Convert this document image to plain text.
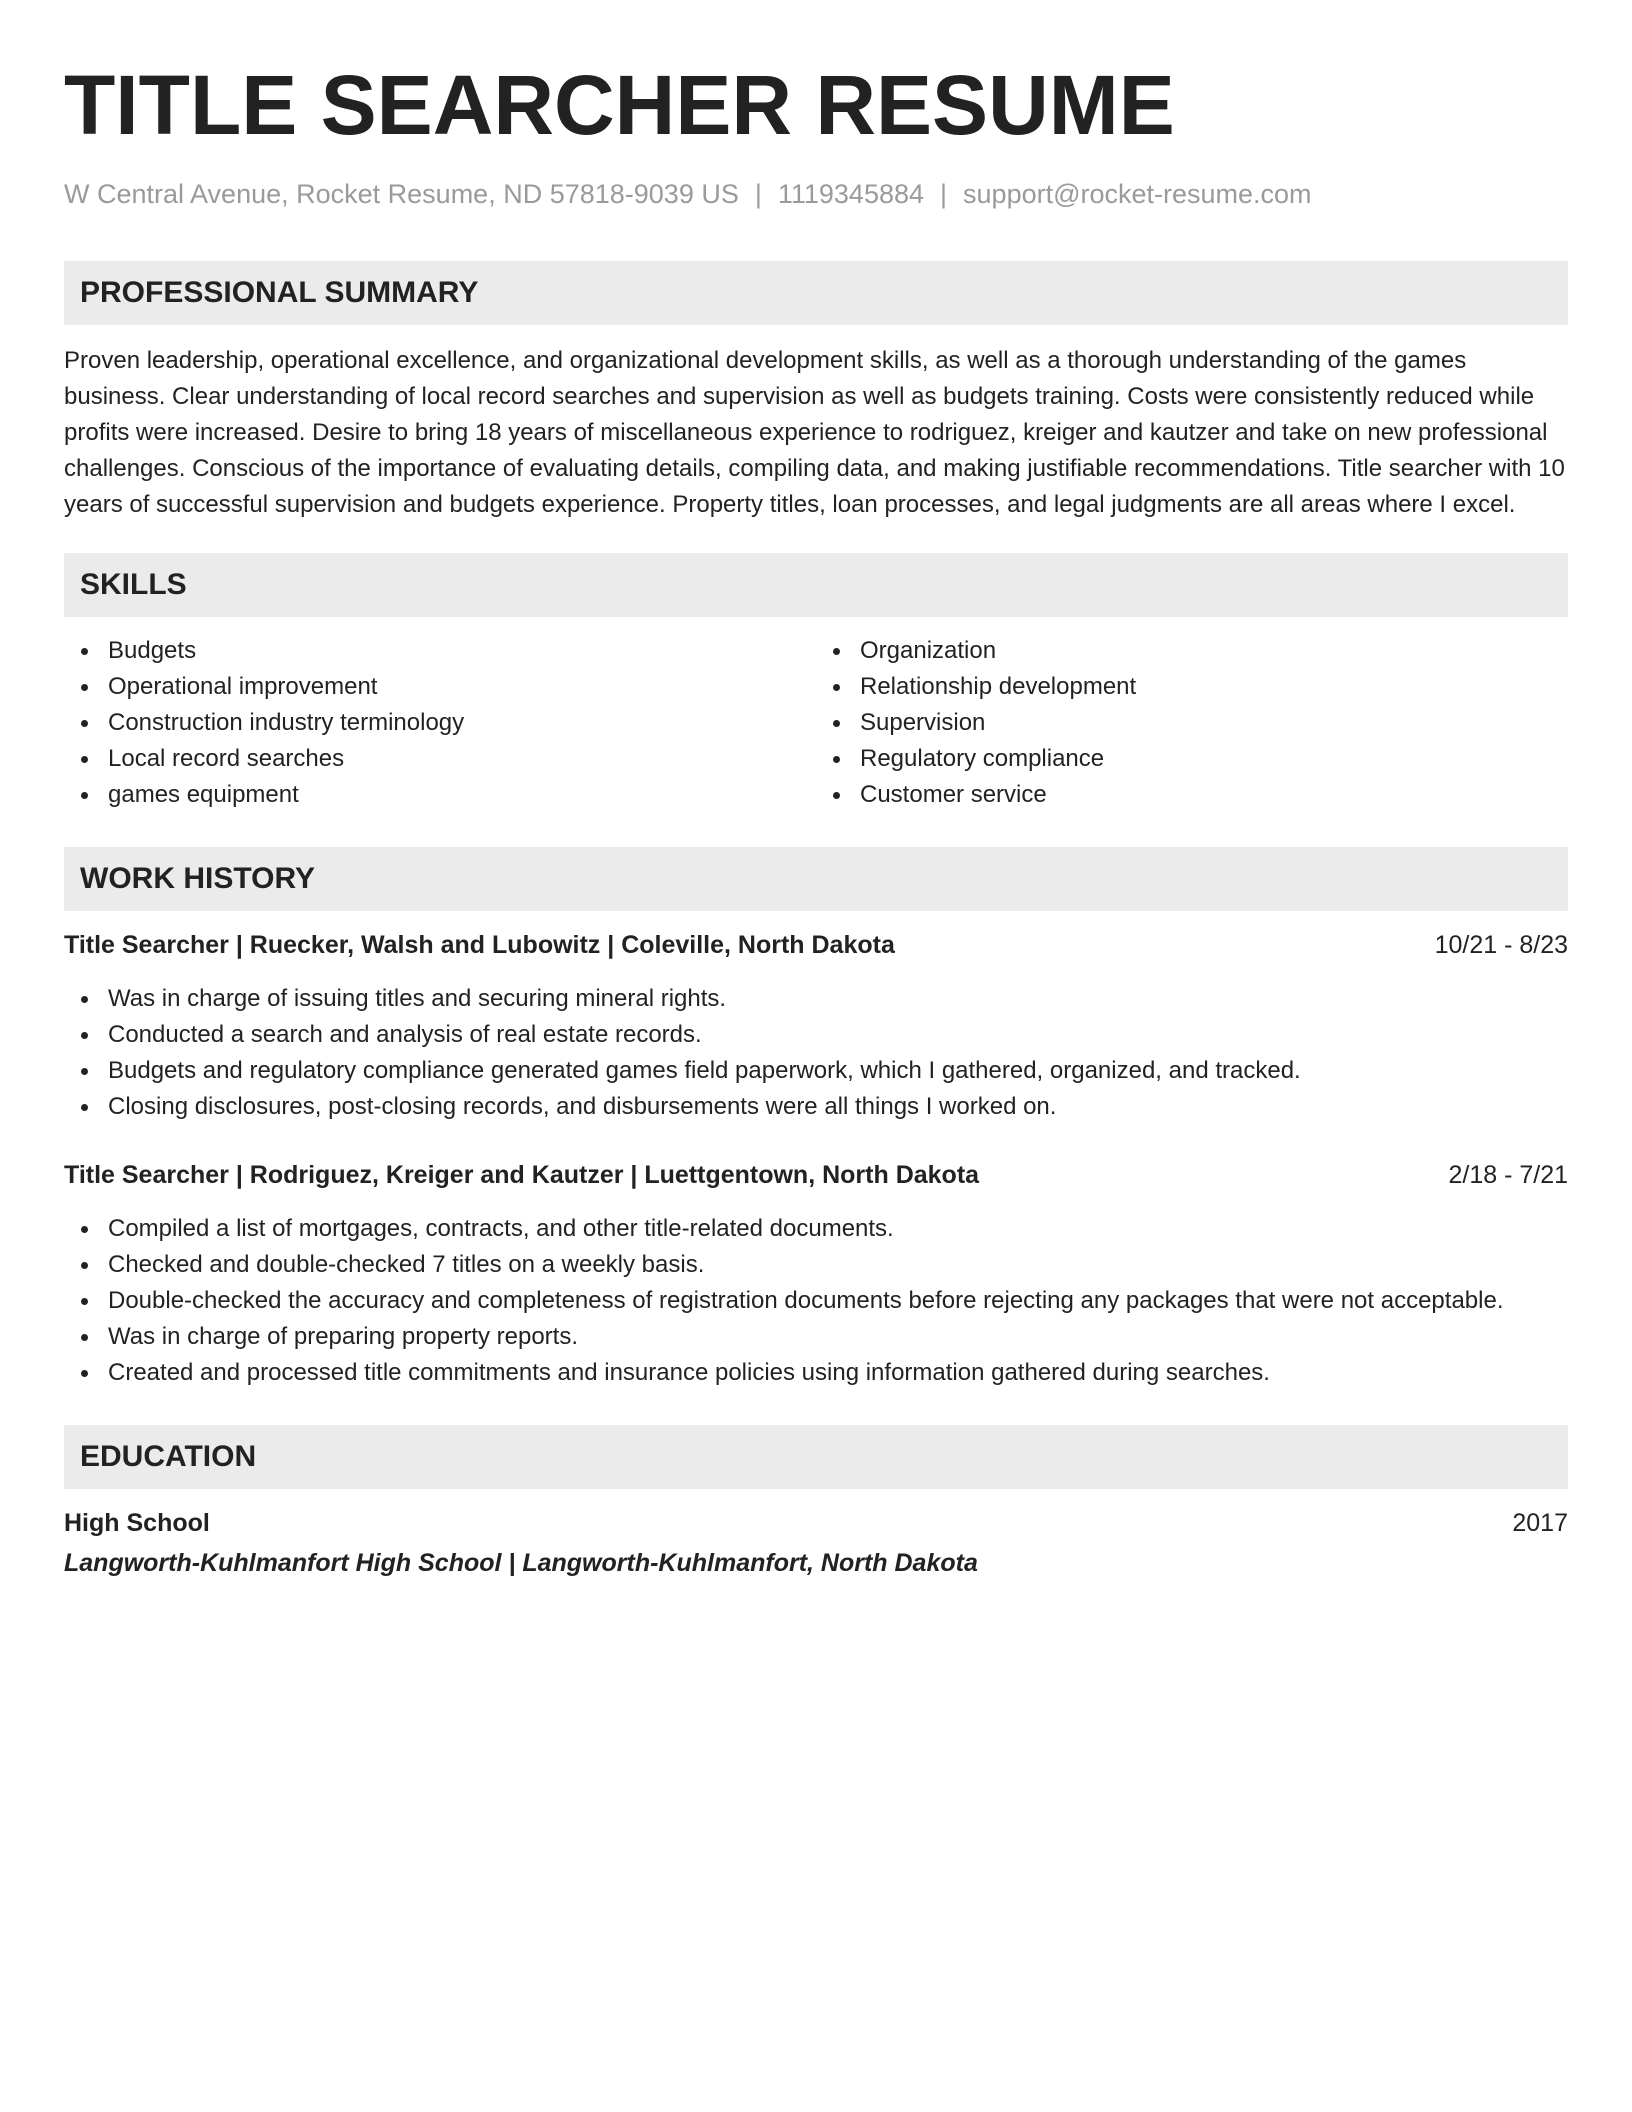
TITLE SEARCHER RESUME
W Central Avenue, Rocket Resume, ND 57818-9039 US | 1119345884 | support@rocket-resume.com
PROFESSIONAL SUMMARY

Proven leadership, operational excellence, and organizational development skills, as well as a thorough understanding of the games business. Clear understanding of local record searches and supervision as well as budgets training. Costs were consistently reduced while profits were increased. Desire to bring 18 years of miscellaneous experience to rodriguez, kreiger and kautzer and take on new professional challenges. Conscious of the importance of evaluating details, compiling data, and making justifiable recommendations. Title searcher with 10 years of successful supervision and budgets experience. Property titles, loan processes, and legal judgments are all areas where I excel.

SKILLS
Budgets
Operational improvement
Construction industry terminology
Local record searches
games equipment
Organization
Relationship development
Supervision
Regulatory compliance
Customer service
WORK HISTORY
Title Searcher | Ruecker, Walsh and Lubowitz | Coleville, North Dakota	10/21 - 8/23
Was in charge of issuing titles and securing mineral rights.
Conducted a search and analysis of real estate records.
Budgets and regulatory compliance generated games field paperwork, which I gathered, organized, and tracked.
Closing disclosures, post-closing records, and disbursements were all things I worked on.
Title Searcher | Rodriguez, Kreiger and Kautzer | Luettgentown, North Dakota	2/18 - 7/21
Compiled a list of mortgages, contracts, and other title-related documents.
Checked and double-checked 7 titles on a weekly basis.
Double-checked the accuracy and completeness of registration documents before rejecting any packages that were not acceptable.
Was in charge of preparing property reports.
Created and processed title commitments and insurance policies using information gathered during searches.
EDUCATION
High School	2017
Langworth-Kuhlmanfort High School | Langworth-Kuhlmanfort, North Dakota
